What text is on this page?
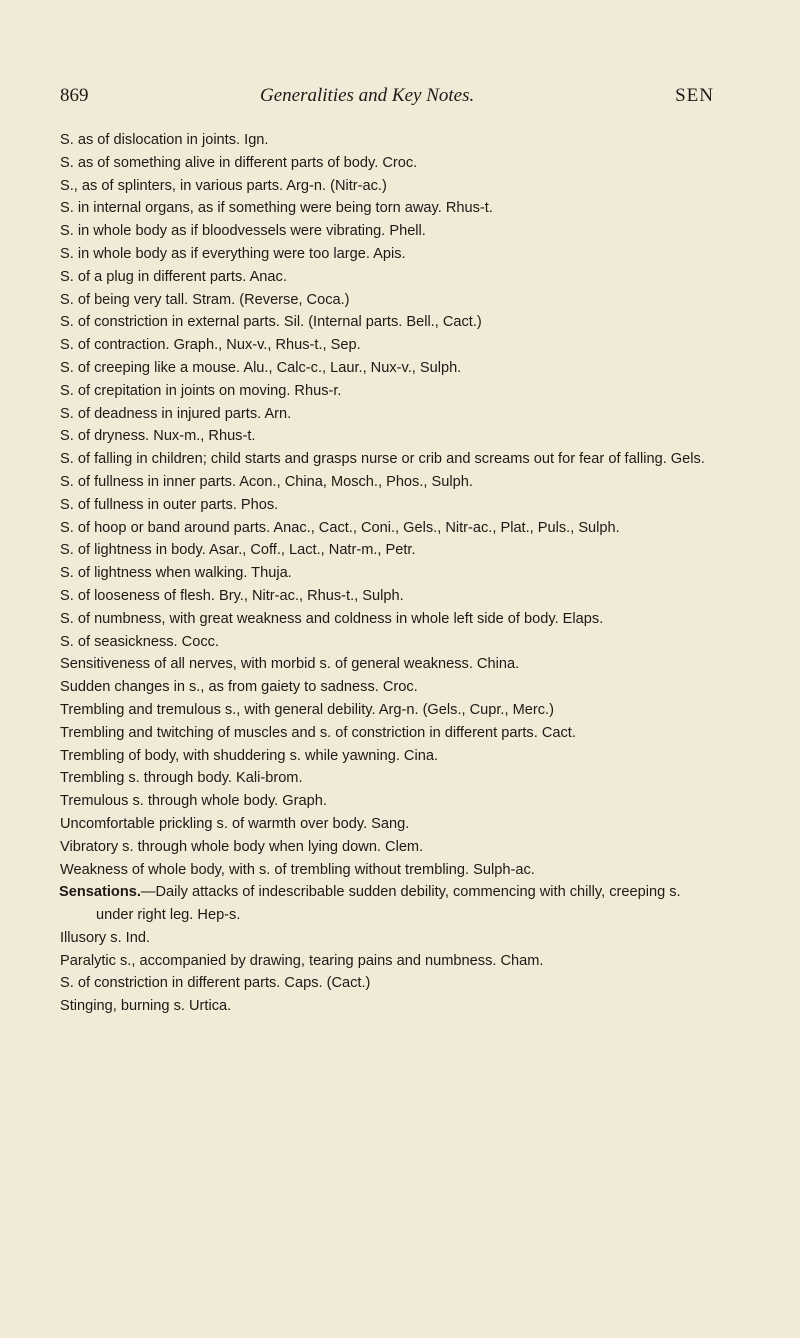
869	Generalities and Key Notes.	SEN

S. as of dislocation in joints. Ign.

S. as of something alive in different parts of body. Croc.

S., as of splinters, in various parts. Arg-n. (Nitr-ac.)

S. in internal organs, as if something were being torn away. Rhus-t.

S. in whole body as if bloodvessels were vibrating. Phell.

S. in whole body as if everything were too large. Apis.

S. of a plug in different parts. Anac.

S. of being very tall. Stram. (Reverse, Coca.)

S. of constriction in external parts. Sil. (Internal parts. Bell., Cact.)

S. of contraction. Graph., Nux-v., Rhus-t., Sep.

S. of creeping like a mouse. Alu., Calc-c., Laur., Nux-v., Sulph.

S. of crepitation in joints on moving. Rhus-r.

S. of deadness in injured parts. Arn.

S. of dryness. Nux-m., Rhus-t.

S. of falling in children; child starts and grasps nurse or crib and screams out for fear of falling. Gels.

S. of fullness in inner parts. Acon., China, Mosch., Phos., Sulph.

S. of fullness in outer parts. Phos.

S. of hoop or band around parts. Anac., Cact., Coni., Gels., Nitr-ac., Plat., Puls., Sulph.

S. of lightness in body. Asar., Coff., Lact., Natr-m., Petr.

S. of lightness when walking. Thuja.

S. of looseness of flesh. Bry., Nitr-ac., Rhus-t., Sulph.

S. of numbness, with great weakness and coldness in whole left side of body. Elaps.

S. of seasickness. Cocc.

Sensitiveness of all nerves, with morbid s. of general weakness. China.

Sudden changes in s., as from gaiety to sadness. Croc.

Trembling and tremulous s., with general debility. Arg-n. (Gels., Cupr., Merc.)

Trembling and twitching of muscles and s. of constriction in different parts. Cact.

Trembling of body, with shuddering s. while yawning. Cina.

Trembling s. through body. Kali-brom.

Tremulous s. through whole body. Graph.

Uncomfortable prickling s. of warmth over body. Sang.

Vibratory s. through whole body when lying down. Clem.

Weakness of whole body, with s. of trembling without trembling. Sulph-ac.

Sensations.—Daily attacks of indescribable sudden debility, commencing with chilly, creeping s. under right leg. Hep-s.

Illusory s. Ind.

Paralytic s., accompanied by drawing, tearing pains and numbness. Cham.

S. of constriction in different parts. Caps. (Cact.)

Stinging, burning s. Urtica.
